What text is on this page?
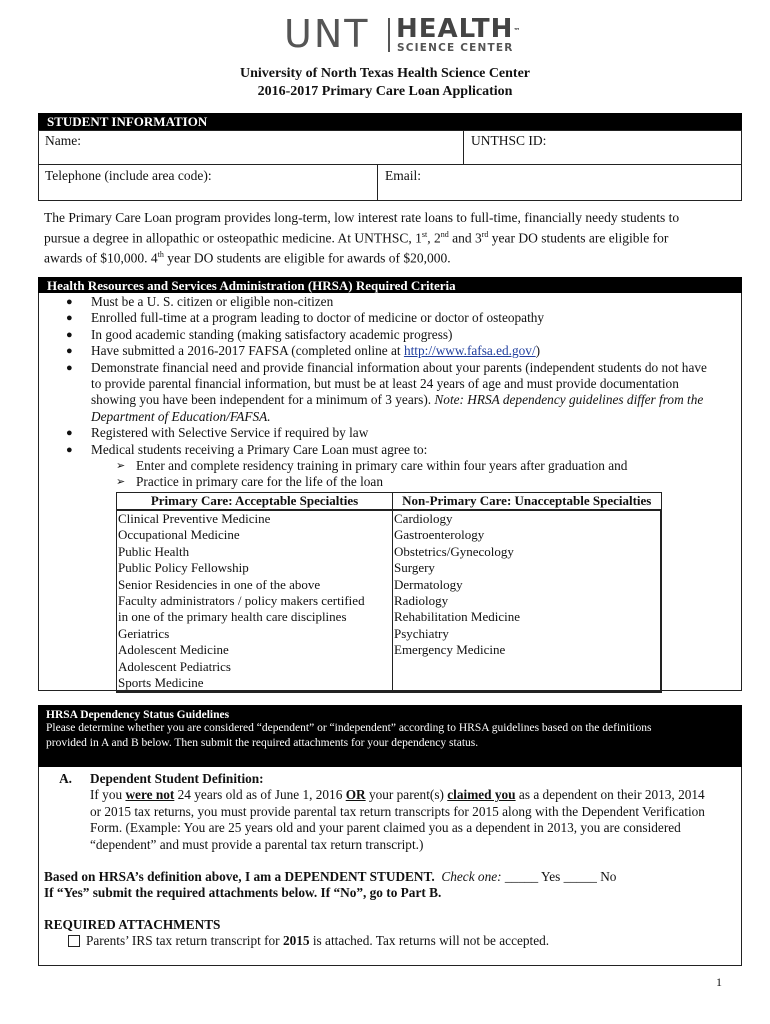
UNT HEALTH™
SCIENCE CENTER
University of North Texas Health Science Center
2016-2017 Primary Care Loan Application
STUDENT INFORMATION
Name:	UNTHSC ID:
Telephone (include area code):	Email:
The Primary Care Loan program provides long-term, low interest rate loans to full-time, financially needy students to
pursue a degree in allopathic or osteopathic medicine. At UNTHSC, 1st, 2nd and 3rd year DO students are eligible for
awards of $10,000. 4th year DO students are eligible for awards of $20,000.
Health Resources and Services Administration (HRSA) Required Criteria
● Must be a U. S. citizen or eligible non-citizen
● Enrolled full-time at a program leading to doctor of medicine or doctor of osteopathy
● In good academic standing (making satisfactory academic progress)
● Have submitted a 2016-2017 FAFSA (completed online at http://www.fafsa.ed.gov/)
● Demonstrate financial need and provide financial information about your parents (independent students do not have
to provide parental financial information, but must be at least 24 years of age and must provide documentation
showing you have been independent for a minimum of 3 years). Note: HRSA dependency guidelines differ from the
Department of Education/FAFSA.
● Registered with Selective Service if required by law
● Medical students receiving a Primary Care Loan must agree to:
➢ Enter and complete residency training in primary care within four years after graduation and
➢ Practice in primary care for the life of the loan
Primary Care: Acceptable Specialties	Non-Primary Care: Unacceptable Specialties
Clinical Preventive Medicine	Cardiology
Occupational Medicine	Gastroenterology
Public Health	Obstetrics/Gynecology
Public Policy Fellowship	Surgery
Senior Residencies in one of the above	Dermatology
Faculty administrators / policy makers certified	Radiology
in one of the primary health care disciplines	Rehabilitation Medicine
Geriatrics	Psychiatry
Adolescent Medicine	Emergency Medicine
Adolescent Pediatrics	
Sports Medicine	
HRSA Dependency Status Guidelines
Please determine whether you are considered “dependent” or “independent” according to HRSA guidelines based on the definitions
provided in A and B below. Then submit the required attachments for your dependency status.
A. Dependent Student Definition:
If you were not 24 years old as of June 1, 2016 OR your parent(s) claimed you as a dependent on their 2013, 2014
or 2015 tax returns, you must provide parental tax return transcripts for 2015 along with the Dependent Verification
Form. (Example: You are 25 years old and your parent claimed you as a dependent in 2013, you are considered
“dependent” and must provide a parental tax return transcript.)
Based on HRSA’s definition above, I am a DEPENDENT STUDENT. Check one: _____ Yes _____ No
If “Yes” submit the required attachments below. If “No”, go to Part B.
REQUIRED ATTACHMENTS
Parents’ IRS tax return transcript for 2015 is attached. Tax returns will not be accepted.
1
